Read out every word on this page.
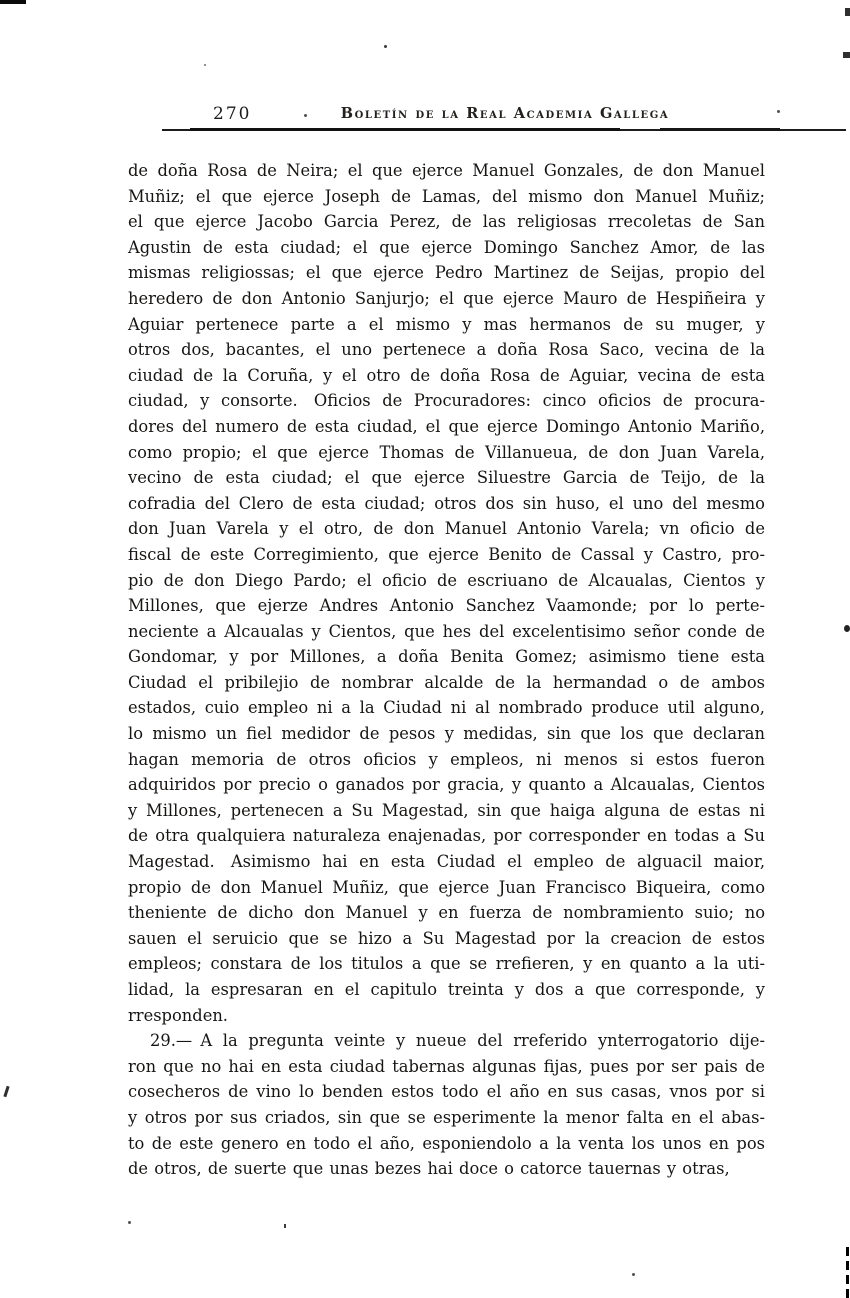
270	Boletín de la Real Academia Gallega
de doña Rosa de Neira; el que ejerce Manuel Gonzales, de don Manuel
Muñiz; el que ejerce Joseph de Lamas, del mismo don Manuel Muñiz;
el que ejerce Jacobo Garcia Perez, de las religiosas rrecoletas de San
Agustin de esta ciudad; el que ejerce Domingo Sanchez Amor, de las
mismas religiossas; el que ejerce Pedro Martinez de Seijas, propio del
heredero de don Antonio Sanjurjo; el que ejerce Mauro de Hespiñeira y
Aguiar pertenece parte a el mismo y mas hermanos de su muger, y
otros dos, bacantes, el uno pertenece a doña Rosa Saco, vecina de la
ciudad de la Coruña, y el otro de doña Rosa de Aguiar, vecina de esta
ciudad, y consorte. Oficios de Procuradores: cinco oficios de procura-
dores del numero de esta ciudad, el que ejerce Domingo Antonio Mariño,
como propio; el que ejerce Thomas de Villanueua, de don Juan Varela,
vecino de esta ciudad; el que ejerce Siluestre Garcia de Teijo, de la
cofradia del Clero de esta ciudad; otros dos sin huso, el uno del mesmo
don Juan Varela y el otro, de don Manuel Antonio Varela; vn oficio de
fiscal de este Corregimiento, que ejerce Benito de Cassal y Castro, pro-
pio de don Diego Pardo; el oficio de escriuano de Alcaualas, Cientos y
Millones, que ejerze Andres Antonio Sanchez Vaamonde; por lo perte-
neciente a Alcaualas y Cientos, que hes del excelentisimo señor conde de
Gondomar, y por Millones, a doña Benita Gomez; asimismo tiene esta
Ciudad el pribilejio de nombrar alcalde de la hermandad o de ambos
estados, cuio empleo ni a la Ciudad ni al nombrado produce util alguno,
lo mismo un fiel medidor de pesos y medidas, sin que los que declaran
hagan memoria de otros oficios y empleos, ni menos si estos fueron
adquiridos por precio o ganados por gracia, y quanto a Alcaualas, Cientos
y Millones, pertenecen a Su Magestad, sin que haiga alguna de estas ni
de otra qualquiera naturaleza enajenadas, por corresponder en todas a Su
Magestad. Asimismo hai en esta Ciudad el empleo de alguacil maior,
propio de don Manuel Muñiz, que ejerce Juan Francisco Biqueira, como
theniente de dicho don Manuel y en fuerza de nombramiento suio; no
sauen el seruicio que se hizo a Su Magestad por la creacion de estos
empleos; constara de los titulos a que se rrefieren, y en quanto a la uti-
lidad, la espresaran en el capitulo treinta y dos a que corresponde, y
rresponden.
29.— A la pregunta veinte y nueue del rreferido ynterrogatorio dije-
ron que no hai en esta ciudad tabernas algunas fijas, pues por ser pais de
cosecheros de vino lo benden estos todo el año en sus casas, vnos por si
y otros por sus criados, sin que se esperimente la menor falta en el abas-
to de este genero en todo el año, esponiendolo a la venta los unos en pos
de otros, de suerte que unas bezes hai doce o catorce tauernas y otras,
